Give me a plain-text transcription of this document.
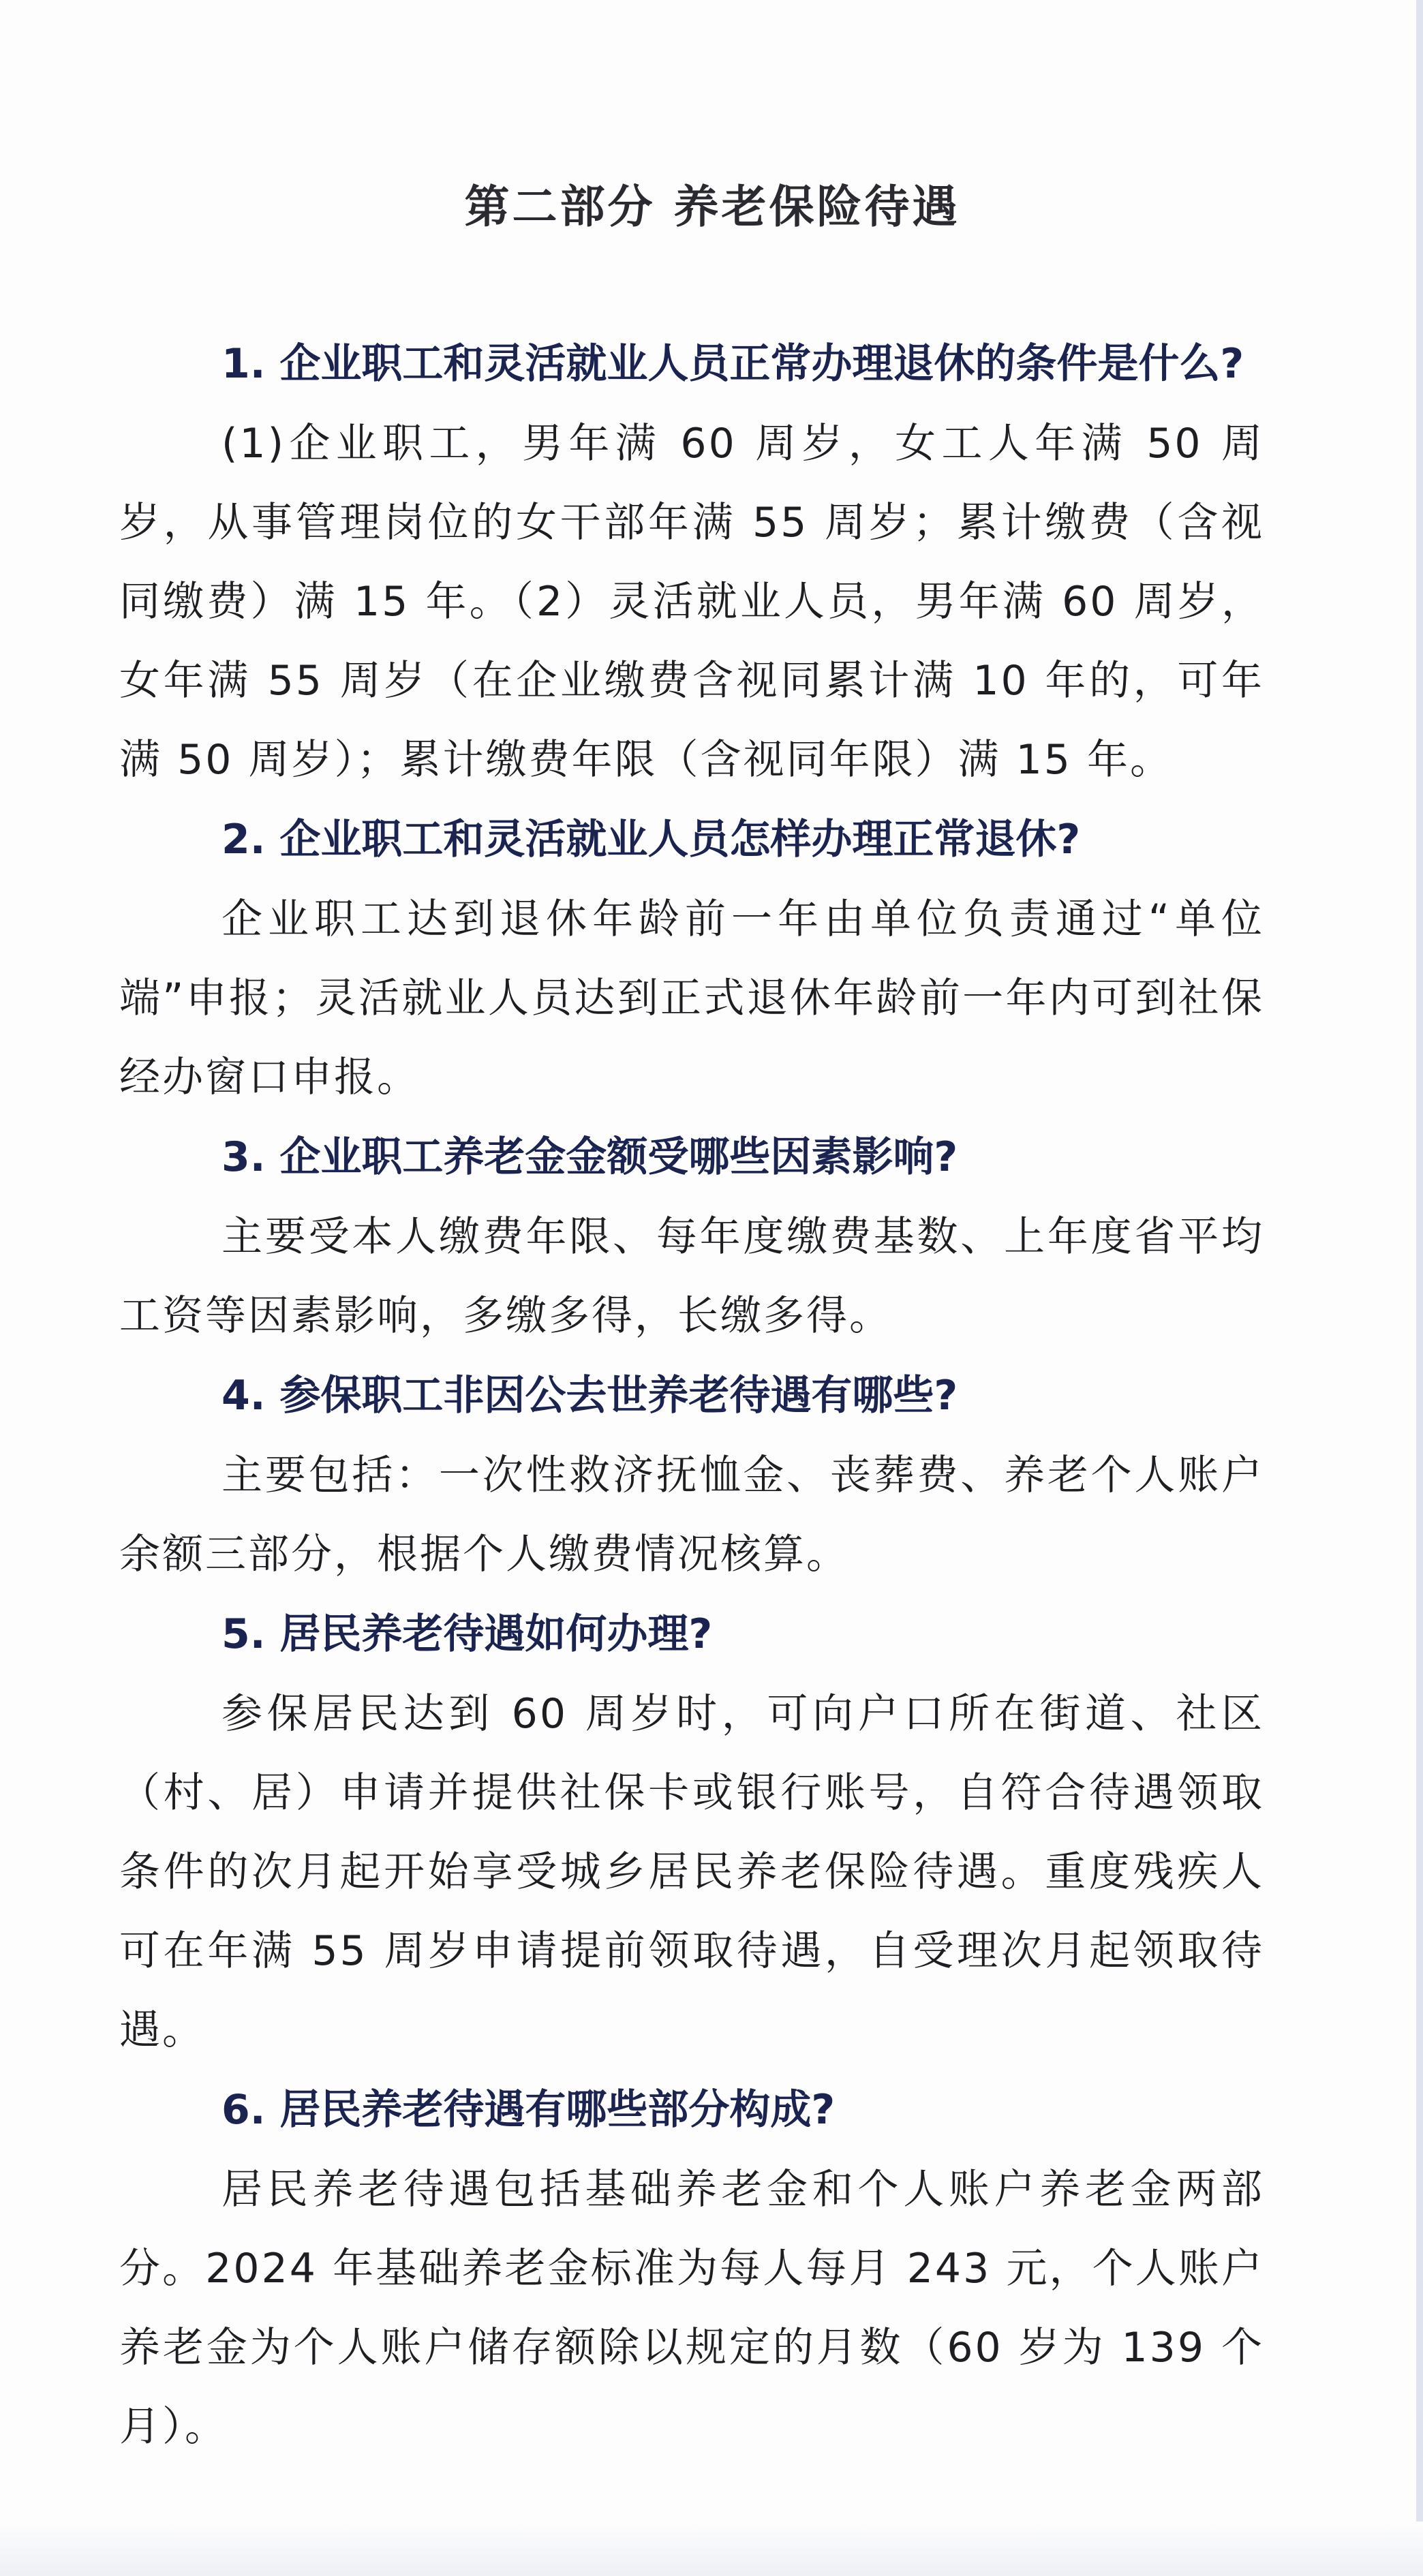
第二部分 养老保险待遇

1. 企业职工和灵活就业人员正常办理退休的条件是什么?

(1)企业职工，男年满 60 周岁，女工人年满 50 周岁，从事管理岗位的女干部年满 55 周岁；累计缴费（含视同缴费）满 15 年。（2）灵活就业人员，男年满 60 周岁，女年满 55 周岁（在企业缴费含视同累计满 10 年的，可年满 50 周岁）；累计缴费年限（含视同年限）满 15 年。

2. 企业职工和灵活就业人员怎样办理正常退休?

企业职工达到退休年龄前一年由单位负责通过“单位端”申报；灵活就业人员达到正式退休年龄前一年内可到社保经办窗口申报。

3. 企业职工养老金金额受哪些因素影响?

主要受本人缴费年限、每年度缴费基数、上年度省平均工资等因素影响，多缴多得，长缴多得。

4. 参保职工非因公去世养老待遇有哪些?

主要包括：一次性救济抚恤金、丧葬费、养老个人账户余额三部分，根据个人缴费情况核算。

5. 居民养老待遇如何办理?

参保居民达到 60 周岁时，可向户口所在街道、社区（村、居）申请并提供社保卡或银行账号，自符合待遇领取条件的次月起开始享受城乡居民养老保险待遇。重度残疾人可在年满 55 周岁申请提前领取待遇，自受理次月起领取待遇。

6. 居民养老待遇有哪些部分构成?

居民养老待遇包括基础养老金和个人账户养老金两部分。2024 年基础养老金标准为每人每月 243 元，个人账户养老金为个人账户储存额除以规定的月数（60 岁为 139 个月）。
